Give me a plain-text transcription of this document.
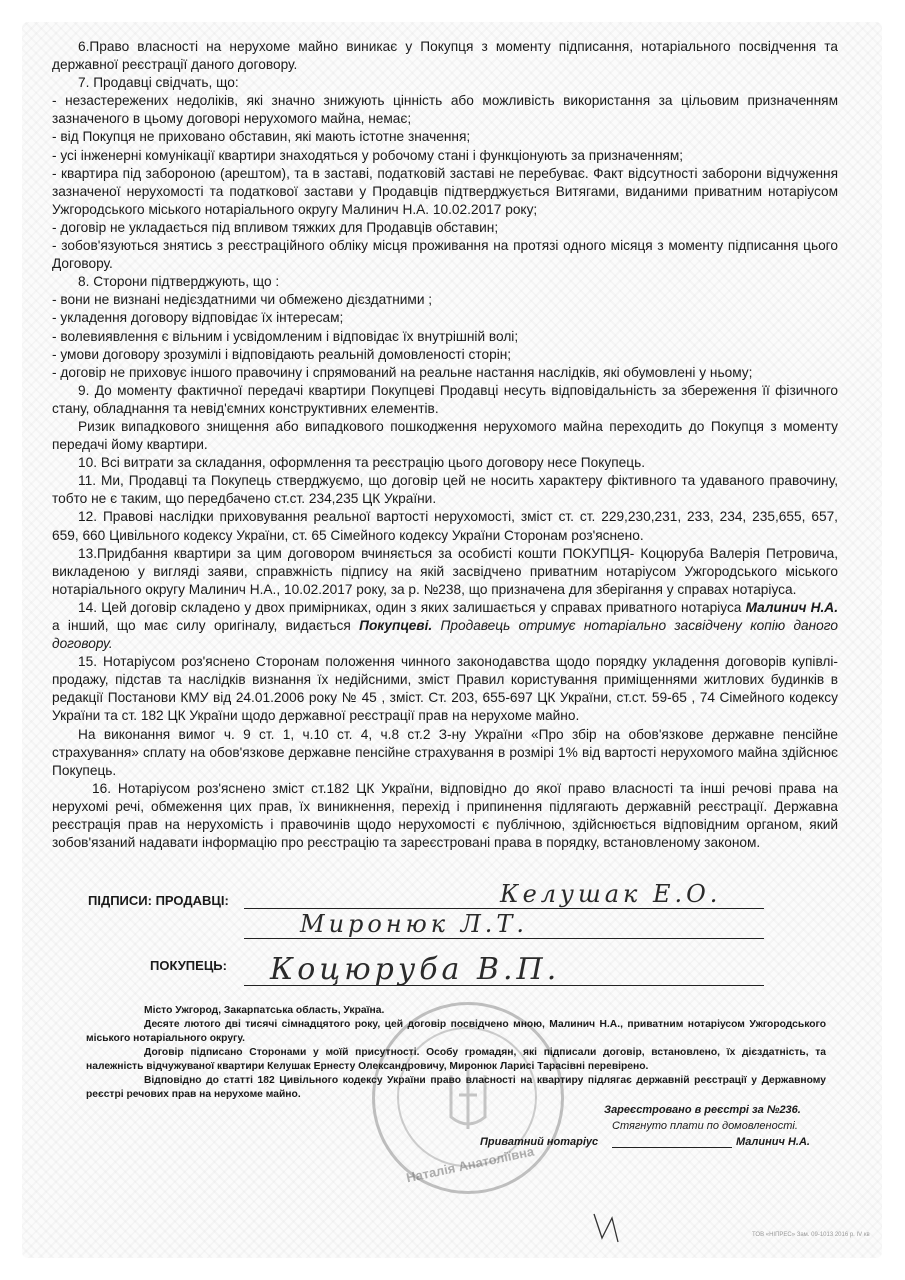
6.Право власності на нерухоме майно виникає у Покупця з моменту підписання, нотаріального посвідчення та державної реєстрації даного договору.

7. Продавці свідчать, що:

- незастережених недоліків, які значно знижують цінність або можливість використання за цільовим призначенням зазначеного в цьому договорі нерухомого майна, немає;

- від Покупця не приховано обставин, які мають істотне значення;

- усі інженерні комунікації квартири знаходяться у робочому стані і функціонують за призначенням;

- квартира під забороною (арештом), та в заставі, податковій заставі не перебуває. Факт відсутності заборони відчуження зазначеної нерухомості та податкової застави у Продавців підтверджується Витягами, виданими приватним нотаріусом Ужгородського міського нотаріального округу Малинич Н.А. 10.02.2017 року;

- договір не укладається під впливом тяжких для Продавців обставин;

- зобов'язуються знятись з реєстраційного обліку місця проживання на протязі одного місяця з моменту підписання цього Договору.

8. Сторони підтверджують, що :

- вони не визнані недієздатними чи обмежено дієздатними ;

- укладення договору відповідає їх інтересам;

- волевиявлення є вільним і усвідомленим і відповідає їх внутрішній волі;

- умови договору зрозумілі і відповідають реальній домовленості сторін;

- договір не приховує іншого правочину і спрямований на реальне настання наслідків, які обумовлені у ньому;

9. До моменту фактичної передачі квартири Покупцеві Продавці несуть відповідальність за збереження її фізичного стану, обладнання та невід'ємних конструктивних елементів.

Ризик випадкового знищення або випадкового пошкодження нерухомого майна переходить до Покупця з моменту передачі йому квартири.

10. Всі витрати за складання, оформлення та реєстрацію цього договору несе Покупець.

11. Ми, Продавці та Покупець стверджуємо, що договір цей не носить характеру фіктивного та удаваного правочину, тобто не є таким, що передбачено ст.ст. 234,235 ЦК України.

12. Правові наслідки приховування реальної вартості нерухомості, зміст ст. ст. 229,230,231, 233, 234, 235,655, 657, 659, 660 Цивільного кодексу України, ст. 65 Сімейного кодексу України Сторонам роз'яснено.

13.Придбання квартири за цим договором вчиняється за особисті кошти ПОКУПЦЯ- Коцюруба Валерія Петровича, викладеною у вигляді заяви, справжність підпису на якій засвідчено приватним нотаріусом Ужгородського міського нотаріального округу Малинич Н.А., 10.02.2017 року, за р. №238, що призначена для зберігання у справах нотаріуса.

14. Цей договір складено у двох примірниках, один з яких залишається у справах приватного нотаріуса Малинич Н.А. а інший, що має силу оригіналу, видається Покупцеві. Продавець отримує нотаріально засвідчену копію даного договору.

15. Нотаріусом роз'яснено Сторонам положення чинного законодавства щодо порядку укладення договорів купівлі-продажу, підстав та наслідків визнання їх недійсними, зміст Правил користування приміщеннями житлових будинків в редакції Постанови КМУ від 24.01.2006 року № 45 , зміст. Ст. 203, 655-697 ЦК України, ст.ст. 59-65 , 74 Сімейного кодексу України та ст. 182 ЦК України щодо державної реєстрації прав на нерухоме майно.

На виконання вимог ч. 9 ст. 1, ч.10 ст. 4, ч.8 ст.2 З-ну України «Про збір на обов'язкове державне пенсійне страхування» сплату на обов'язкове державне пенсійне страхування в розмірі 1% від вартості нерухомого майна здійснює Покупець.

16. Нотаріусом роз'яснено зміст ст.182 ЦК України, відповідно до якої право власності та інші речові права на нерухомі речі, обмеження цих прав, їх виникнення, перехід і припинення підлягають державній реєстрації. Державна реєстрація прав на нерухомість і правочинів щодо нерухомості є публічною, здійснюється відповідним органом, який зобов'язаний надавати інформацію про реєстрацію та зареєстровані права в порядку, встановленому законом.

ПІДПИСИ: ПРОДАВЦІ:	Келушак Е.О.
Миронюк Л.Т.
ПОКУПЕЦЬ: Коцюруба В.П.
Наталія Анатоліївна

Місто Ужгород, Закарпатська область, Україна.

Десяте лютого дві тисячі сімнадцятого року, цей договір посвідчено мною, Малинич Н.А., приватним нотаріусом Ужгородського міського нотаріального округу.

Договір підписано Сторонами у моїй присутності. Особу громадян, які підписали договір, встановлено, їх дієздатність, та належність відчужуваної квартири Келушак Ернесту Олександровичу, Миронюк Ларисі Тарасівні перевірено.

Відповідно до статті 182 Цивільного кодексу України право власності на квартиру підлягає державній реєстрації у Державному реєстрі речових прав на нерухоме майно.

Зареєстровано в реєстрі за №236.
Стягнуто плати по домовленості.
Приватний нотаріус	Малинич Н.А.
ТОВ «НІПРЕС» Зам. 09-1013 2016 р. IV кв
